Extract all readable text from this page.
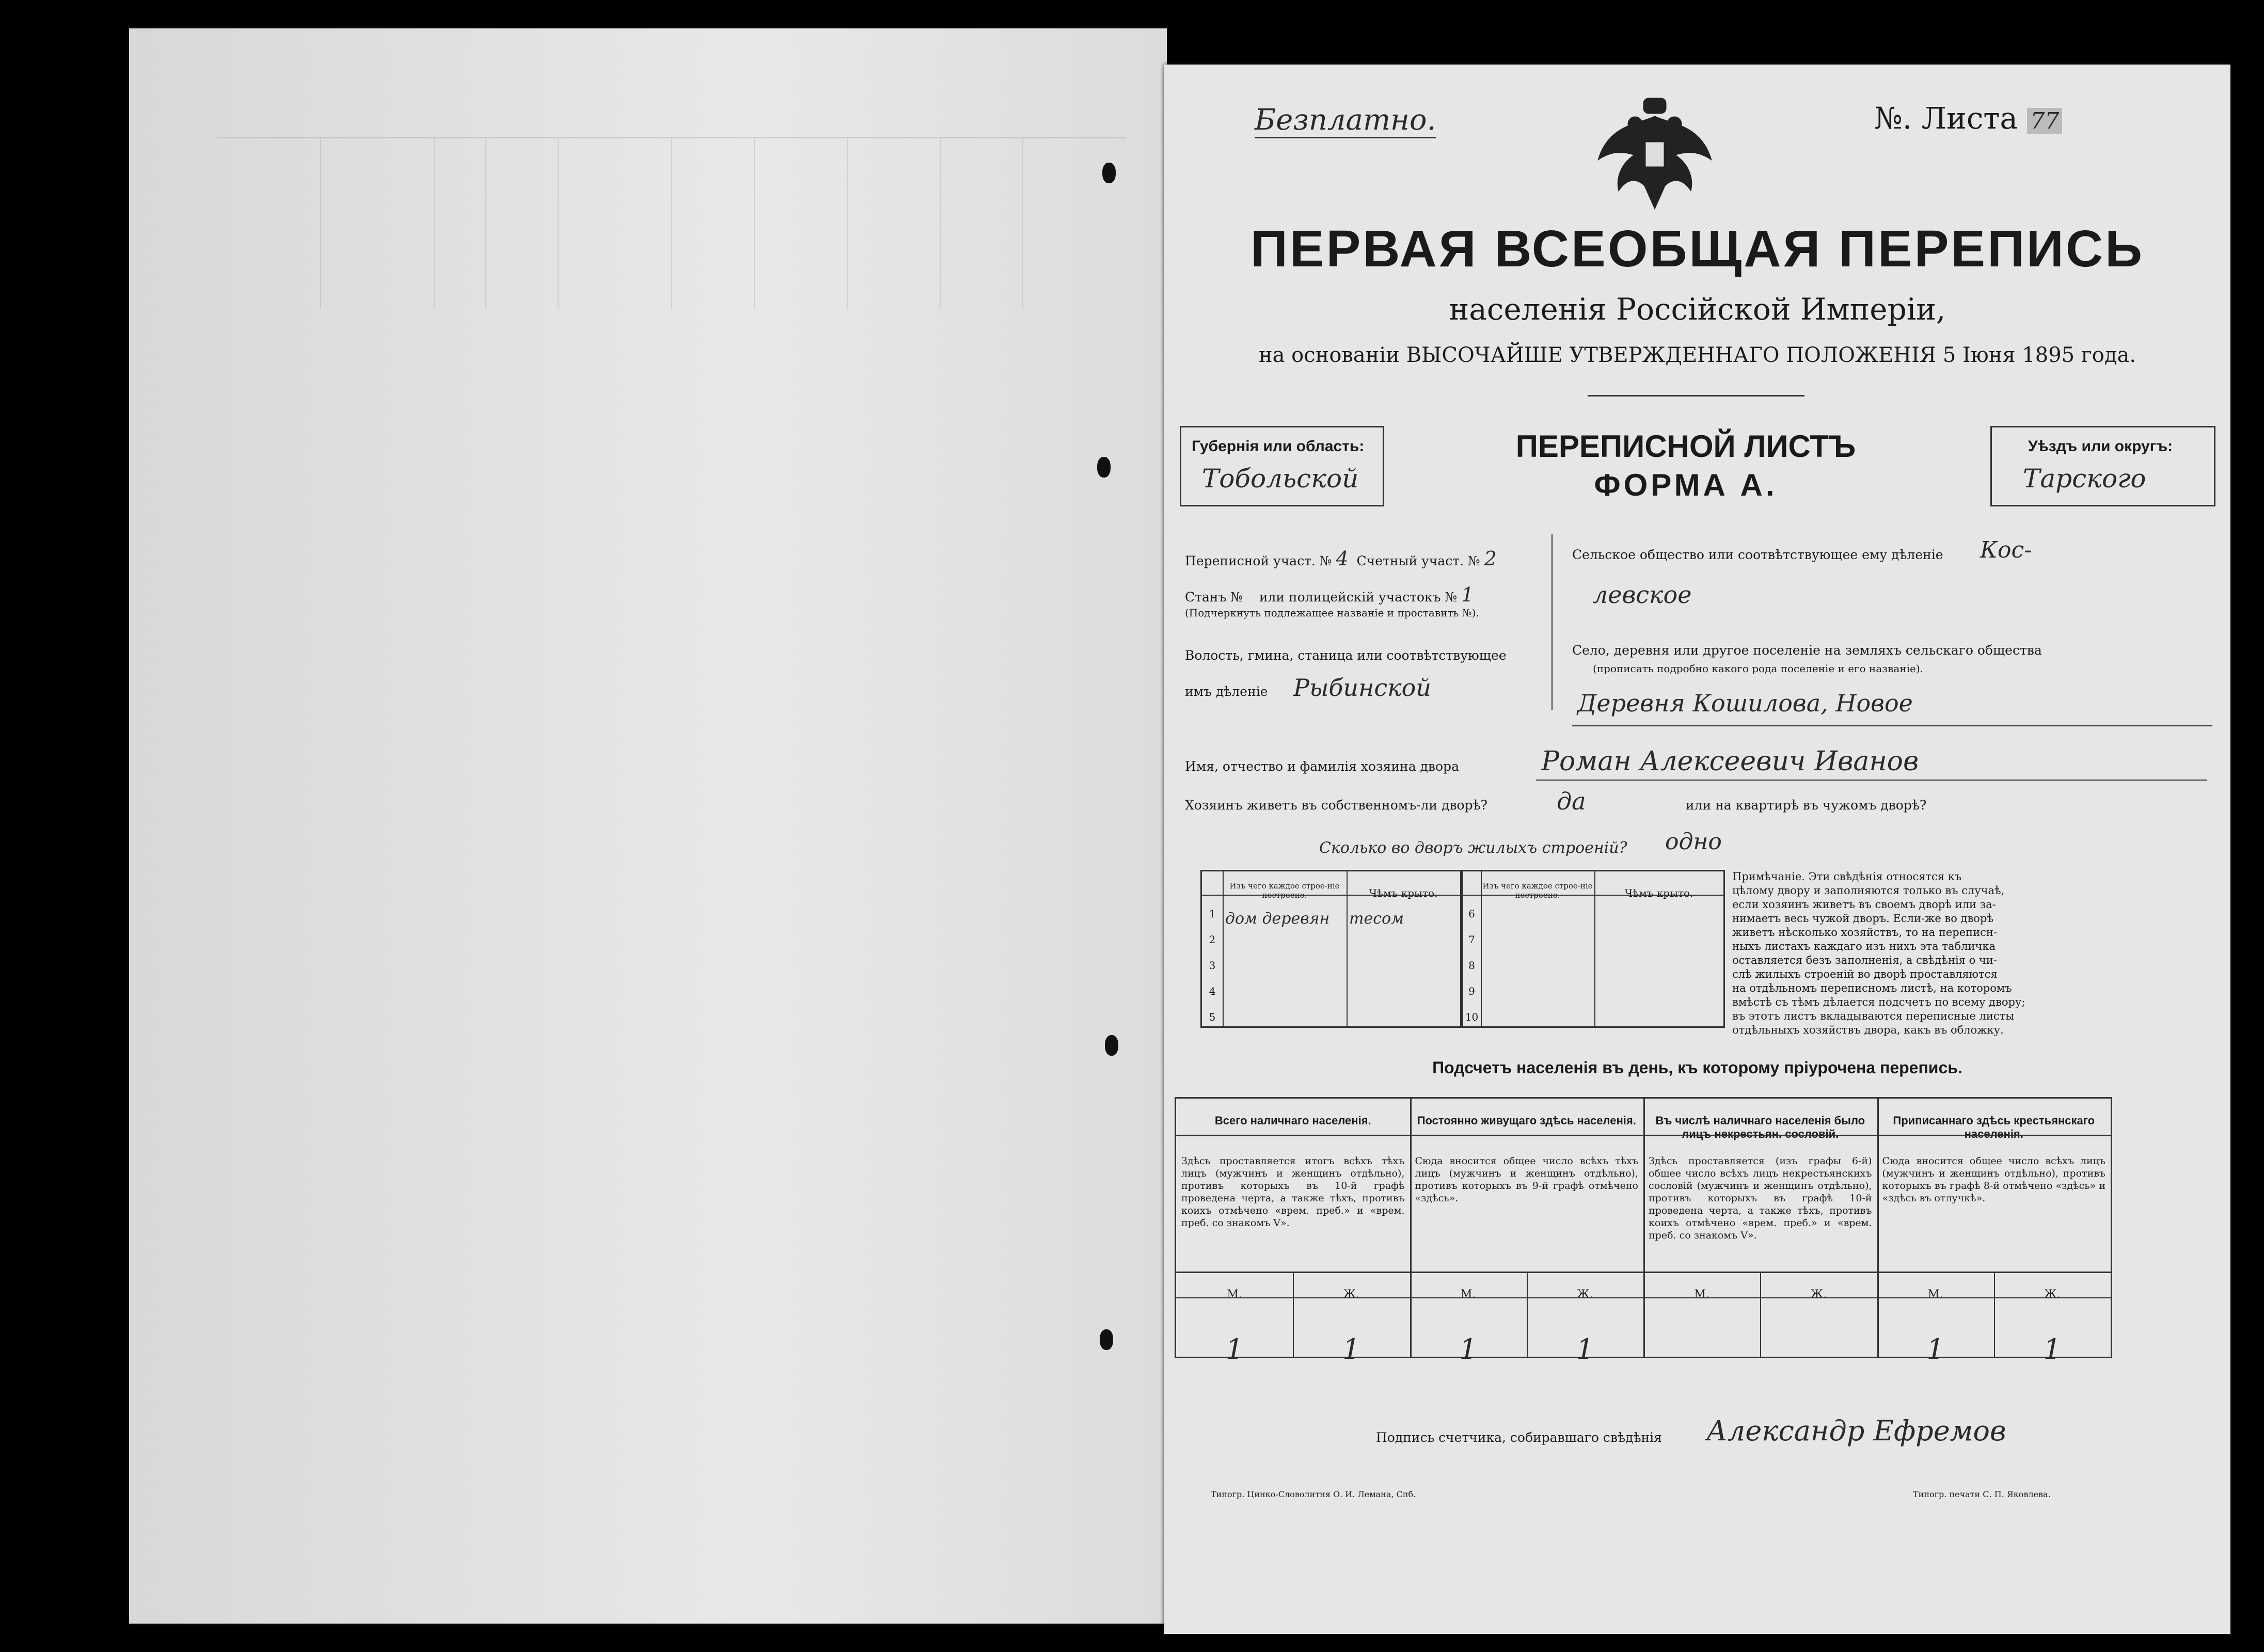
Безплатно.	№. Листа 77

ПЕРВАЯ ВСЕОБЩАЯ ПЕРЕПИСЬ

населенія Россійской Имперіи,

на основаніи ВЫСОЧАЙШЕ УТВЕРЖДЕННАГО ПОЛОЖЕНІЯ 5 Іюня 1895 года.

Губернія или область:

Тобольской

ПЕРЕПИСНОЙ ЛИСТЪ

ФОРМА А.

Уѣздъ или округъ:

Тарского

Переписной участ. № 4 Счетный участ. № 2

Станъ № или полицейскій участокъ № 1

(Подчеркнуть подлежащее названіе и проставить №).

Волость, гмина, станица или соотвѣтствующее

имъ дѣленіе Рыбинской

Сельское общество или соотвѣтствующее ему дѣленіе Кос-

левское

Село, деревня или другое поселеніе на земляхъ сельскаго общества

(прописать подробно какого рода поселеніе и его названіе).

Деревня Кошилова, Новое

Имя, отчество и фамилія хозяина двора	Роман Алексеевич Иванов

Хозяинъ живетъ въ собственномъ-ли дворѣ?	да	или на квартирѣ въ чужомъ дворѣ?

Сколько во дворъ жилыхъ строеній? одно

Изъ чего каждое строе-ніе построено.	Чѣмъ крыто.

Изъ чего каждое строе-ніе построено.	Чѣмъ крыто.

1 дом деревян	тесом

2

3

4

5

6

7

8

9

10

Примѣчаніе. Эти свѣдѣнія относятся къ
цѣлому двору и заполняются только въ случаѣ,
если хозяинъ живетъ въ своемъ дворѣ или за-
нимаетъ весь чужой дворъ. Если-же во дворѣ
живетъ нѣсколько хозяйствъ, то на переписн-
ныхъ листахъ каждаго изъ нихъ эта табличка
оставляется безъ заполненія, а свѣдѣнія о чи-
слѣ жилыхъ строеній во дворѣ проставляются
на отдѣльномъ переписномъ листѣ, на которомъ
вмѣстѣ съ тѣмъ дѣлается подсчетъ по всему двору;
въ этотъ листъ вкладываются переписные листы
отдѣльныхъ хозяйствъ двора, какъ въ обложку.

Подсчетъ населенія въ день, къ которому пріурочена перепись.

Всего наличнаго населенія.

Здѣсь проставляется итогъ всѣхъ тѣхъ лицъ (мужчинъ и женщинъ отдѣльно), противъ которыхъ въ 10-й графѣ проведена черта, а также тѣхъ, противъ коихъ отмѣчено «врем. преб.» и «врем. преб. со знакомъ V».

М.	Ж.

1	1

Постоянно живущаго здѣсь населенія.

Сюда вносится общее число всѣхъ тѣхъ лицъ (мужчинъ и женщинъ отдѣльно), противъ которыхъ въ 9-й графѣ отмѣчено «здѣсь».

М.	Ж.

1	1

Въ числѣ наличнаго населенія было лицъ некрестьян. сословій.

Здѣсь проставляется (изъ графы 6-й) общее число всѣхъ лицъ некрестьянскихъ сословій (мужчинъ и женщинъ отдѣльно), противъ которыхъ въ графѣ 10-й проведена черта, а также тѣхъ, противъ коихъ отмѣчено «врем. преб.» и «врем. преб. со знакомъ V».

М.	Ж.

Приписаннаго здѣсь крестьянскаго населенія.

Сюда вносится общее число всѣхъ лицъ (мужчинъ и женщинъ отдѣльно), противъ которыхъ въ графѣ 8-й отмѣчено «здѣсь» и «здѣсь въ отлучкѣ».

М.	Ж.

1	1

Подпись счетчика, собиравшаго свѣдѣнія Александр Ефремов

Типогр. Цинко-Словолитня О. И. Лемана, Спб.	Типогр. печати С. П. Яковлева.
